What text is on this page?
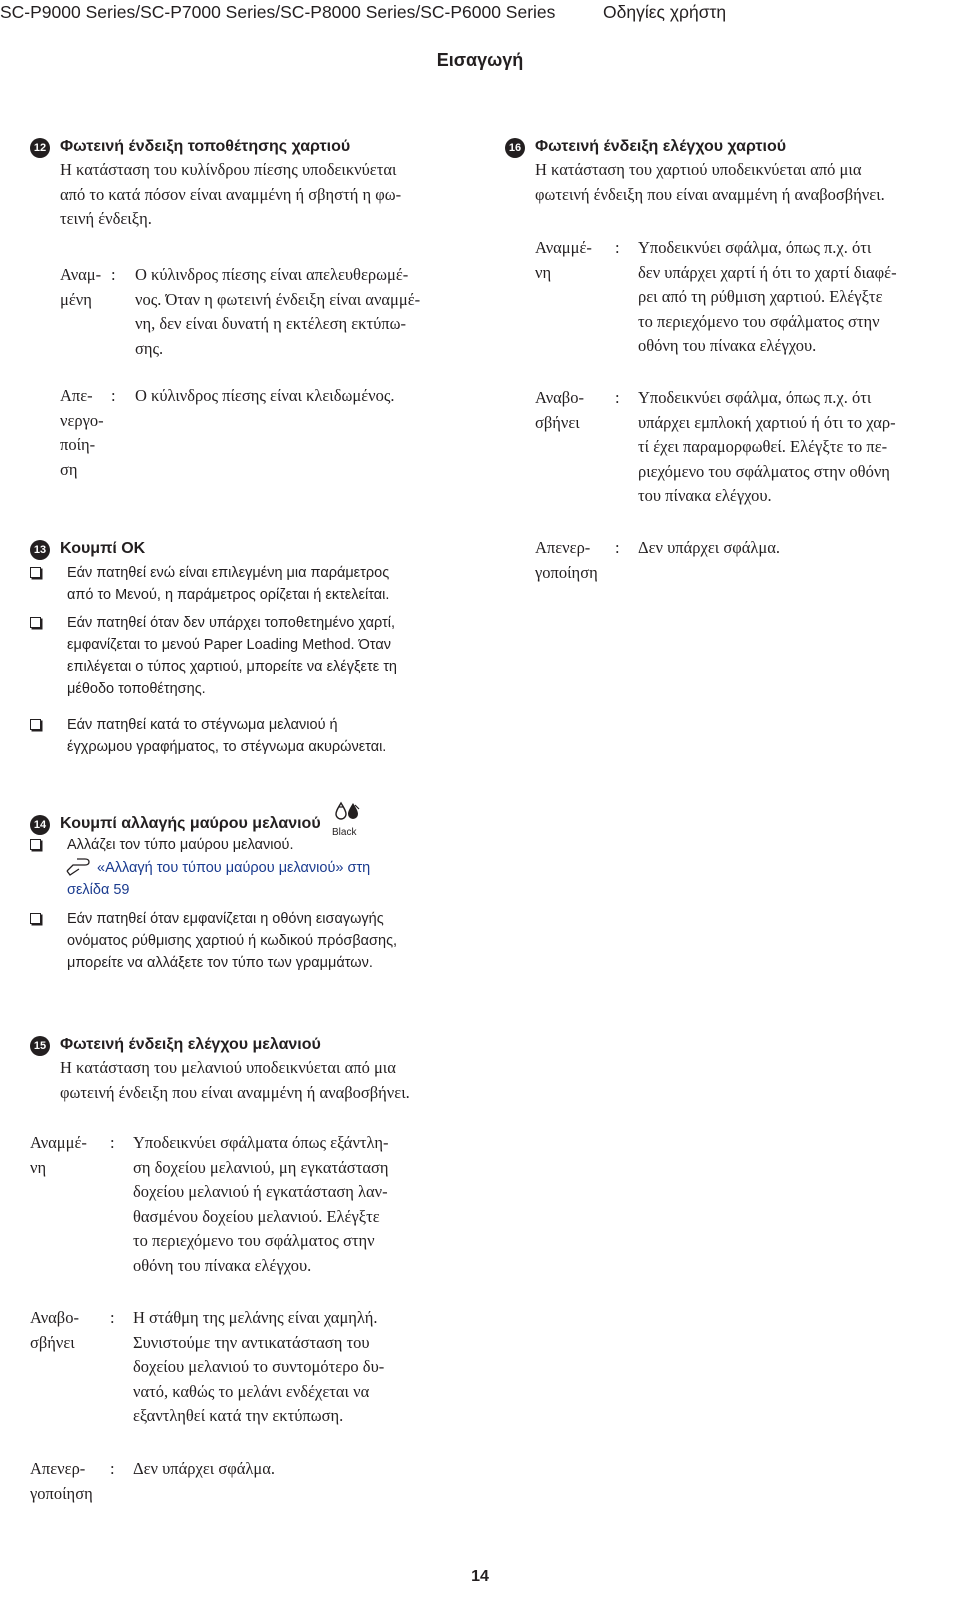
SC-P9000 Series/SC-P7000 Series/SC-P8000 Series/SC-P6000 Series	Οδηγίες χρήστη
Εισαγωγή
12 Φωτεινή ένδειξη τοποθέτησης χαρτιού
Η κατάσταση του κυλίνδρου πίεσης υποδεικνύεται
από το κατά πόσον είναι αναμμένη ή σβηστή η φω-
τεινή ένδειξη.
Αναμ-
μένη
: Ο κύλινδρος πίεσης είναι απελευθερωμέ-
νος. Όταν η φωτεινή ένδειξη είναι αναμμέ-
νη, δεν είναι δυνατή η εκτέλεση εκτύπω-
σης.
Απε-
νεργο-
ποίη-
ση
: Ο κύλινδρος πίεσης είναι κλειδωμένος.
13 Κουμπί OK
Εάν πατηθεί ενώ είναι επιλεγμένη μια παράμετρος
από το Μενού, η παράμετρος ορίζεται ή εκτελείται.
Εάν πατηθεί όταν δεν υπάρχει τοποθετημένο χαρτί,
εμφανίζεται το μενού Paper Loading Method. Όταν
επιλέγεται ο τύπος χαρτιού, μπορείτε να ελέγξετε τη
μέθοδο τοποθέτησης.
Εάν πατηθεί κατά το στέγνωμα μελανιού ή
έγχρωμου γραφήματος, το στέγνωμα ακυρώνεται.
14 Κουμπί αλλαγής μαύρου μελανιού
Black
Αλλάζει τον τύπο μαύρου μελανιού.
«Αλλαγή του τύπου μαύρου μελανιού» στη
σελίδα 59
Εάν πατηθεί όταν εμφανίζεται η οθόνη εισαγωγής
ονόματος ρύθμισης χαρτιού ή κωδικού πρόσβασης,
μπορείτε να αλλάξετε τον τύπο των γραμμάτων.
15 Φωτεινή ένδειξη ελέγχου μελανιού
Η κατάσταση του μελανιού υποδεικνύεται από μια
φωτεινή ένδειξη που είναι αναμμένη ή αναβοσβήνει.
Αναμμέ-
νη
: Υποδεικνύει σφάλματα όπως εξάντλη-
ση δοχείου μελανιού, μη εγκατάσταση
δοχείου μελανιού ή εγκατάσταση λαν-
θασμένου δοχείου μελανιού. Ελέγξτε
το περιεχόμενο του σφάλματος στην
οθόνη του πίνακα ελέγχου.
Αναβο-
σβήνει
: Η στάθμη της μελάνης είναι χαμηλή.
Συνιστούμε την αντικατάσταση του
δοχείου μελανιού το συντομότερο δυ-
νατό, καθώς το μελάνι ενδέχεται να
εξαντληθεί κατά την εκτύπωση.
Απενερ-
γοποίηση
: Δεν υπάρχει σφάλμα.
16 Φωτεινή ένδειξη ελέγχου χαρτιού
Η κατάσταση του χαρτιού υποδεικνύεται από μια
φωτεινή ένδειξη που είναι αναμμένη ή αναβοσβήνει.
Αναμμέ-
νη
: Υποδεικνύει σφάλμα, όπως π.χ. ότι
δεν υπάρχει χαρτί ή ότι το χαρτί διαφέ-
ρει από τη ρύθμιση χαρτιού. Ελέγξτε
το περιεχόμενο του σφάλματος στην
οθόνη του πίνακα ελέγχου.
Αναβο-
σβήνει
: Υποδεικνύει σφάλμα, όπως π.χ. ότι
υπάρχει εμπλοκή χαρτιού ή ότι το χαρ-
τί έχει παραμορφωθεί. Ελέγξτε το πε-
ριεχόμενο του σφάλματος στην οθόνη
του πίνακα ελέγχου.
Απενερ-
γοποίηση
: Δεν υπάρχει σφάλμα.
14
